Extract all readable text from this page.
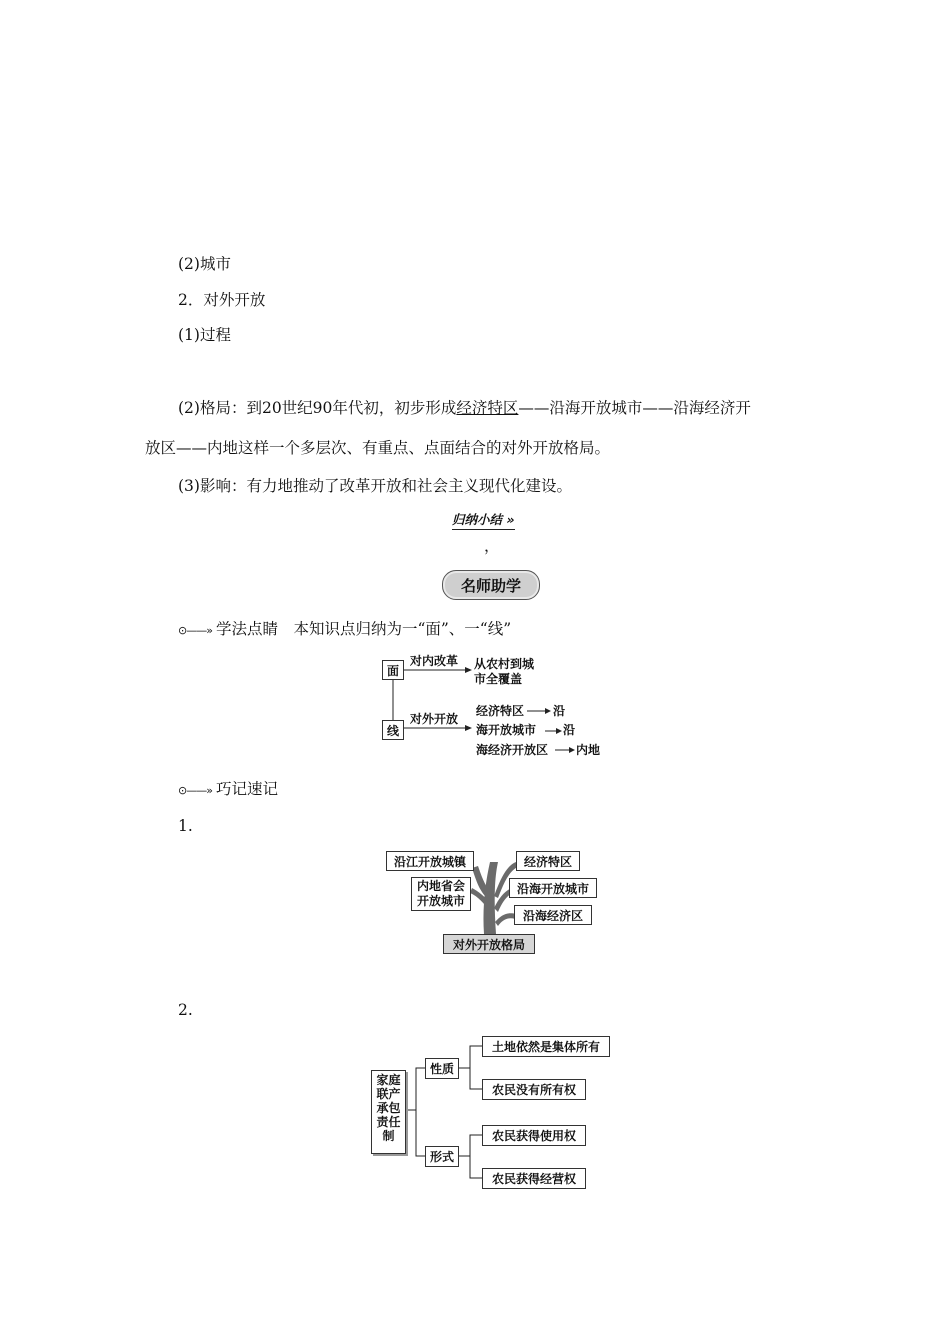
(2)城市
2．对外开放
(1)过程
(2)格局：到20世纪90年代初，初步形成经济特区——沿海开放城市——沿海经济开
放区——内地这样一个多层次、有重点、点面结合的对外开放格局。
(3)影响：有力地推动了改革开放和社会主义现代化建设。
归纳小结 »
，
名师助学
⊙——» 学法点睛　本知识点归纳为一“面”、一“线”
面
线
对内改革 从农村到城
市全覆盖
对外开放
经济特区 沿
海开放城市 沿
海经济开放区 内地
⊙——» 巧记速记
1.
沿江开放城镇
内地省会
开放城市
经济特区
沿海开放城市
沿海经济区
对外开放格局
2.
家庭
联产
承包
责任
制
性质
形式
土地依然是集体所有
农民没有所有权
农民获得使用权
农民获得经营权
